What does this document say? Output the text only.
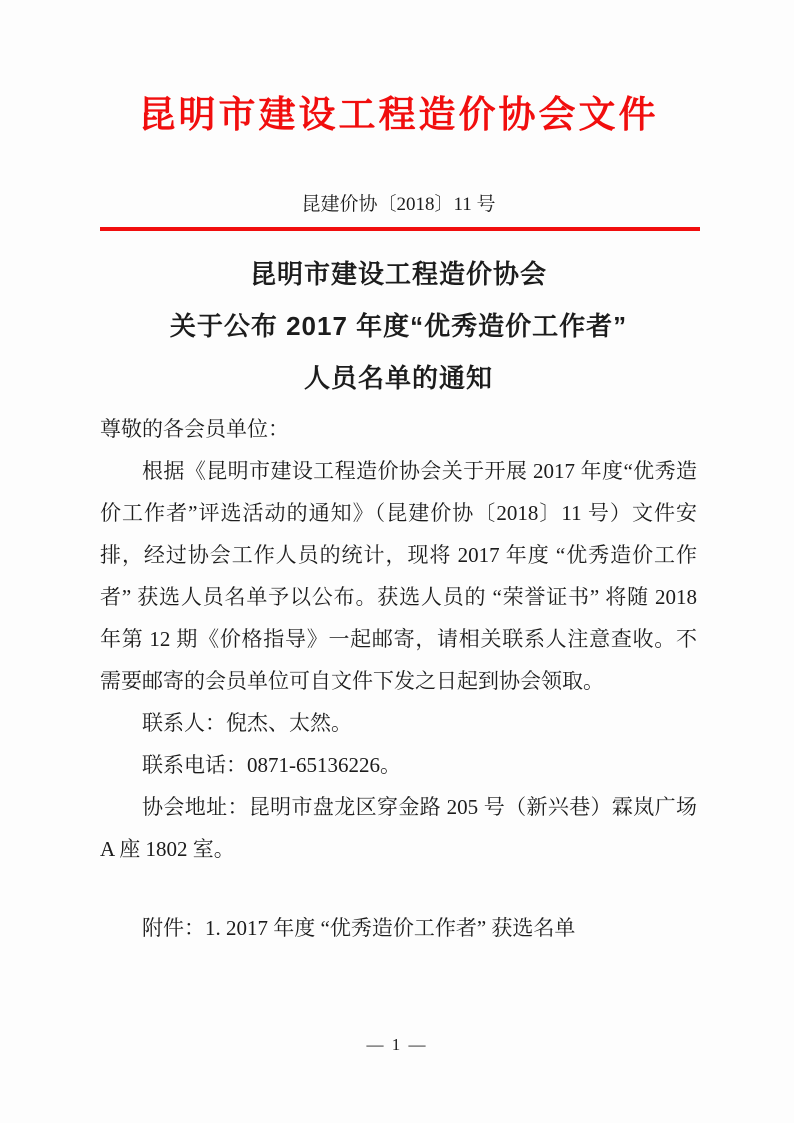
昆明市建设工程造价协会文件
昆建价协〔2018〕11 号
昆明市建设工程造价协会
关于公布 2017 年度“优秀造价工作者”
人员名单的通知

尊敬的各会员单位：

根据《昆明市建设工程造价协会关于开展 2017 年度“优秀造价工作者”评选活动的通知》（昆建价协〔2018〕11 号）文件安排，经过协会工作人员的统计，现将 2017 年度 “优秀造价工作者” 获选人员名单予以公布。获选人员的 “荣誉证书” 将随 2018 年第 12 期《价格指导》一起邮寄，请相关联系人注意查收。不需要邮寄的会员单位可自文件下发之日起到协会领取。

联系人：倪杰、太然。

联系电话：0871-65136226。

协会地址：昆明市盘龙区穿金路 205 号（新兴巷）霖岚广场 A 座 1802 室。

附件：1. 2017 年度 “优秀造价工作者” 获选名单

— 1 —
